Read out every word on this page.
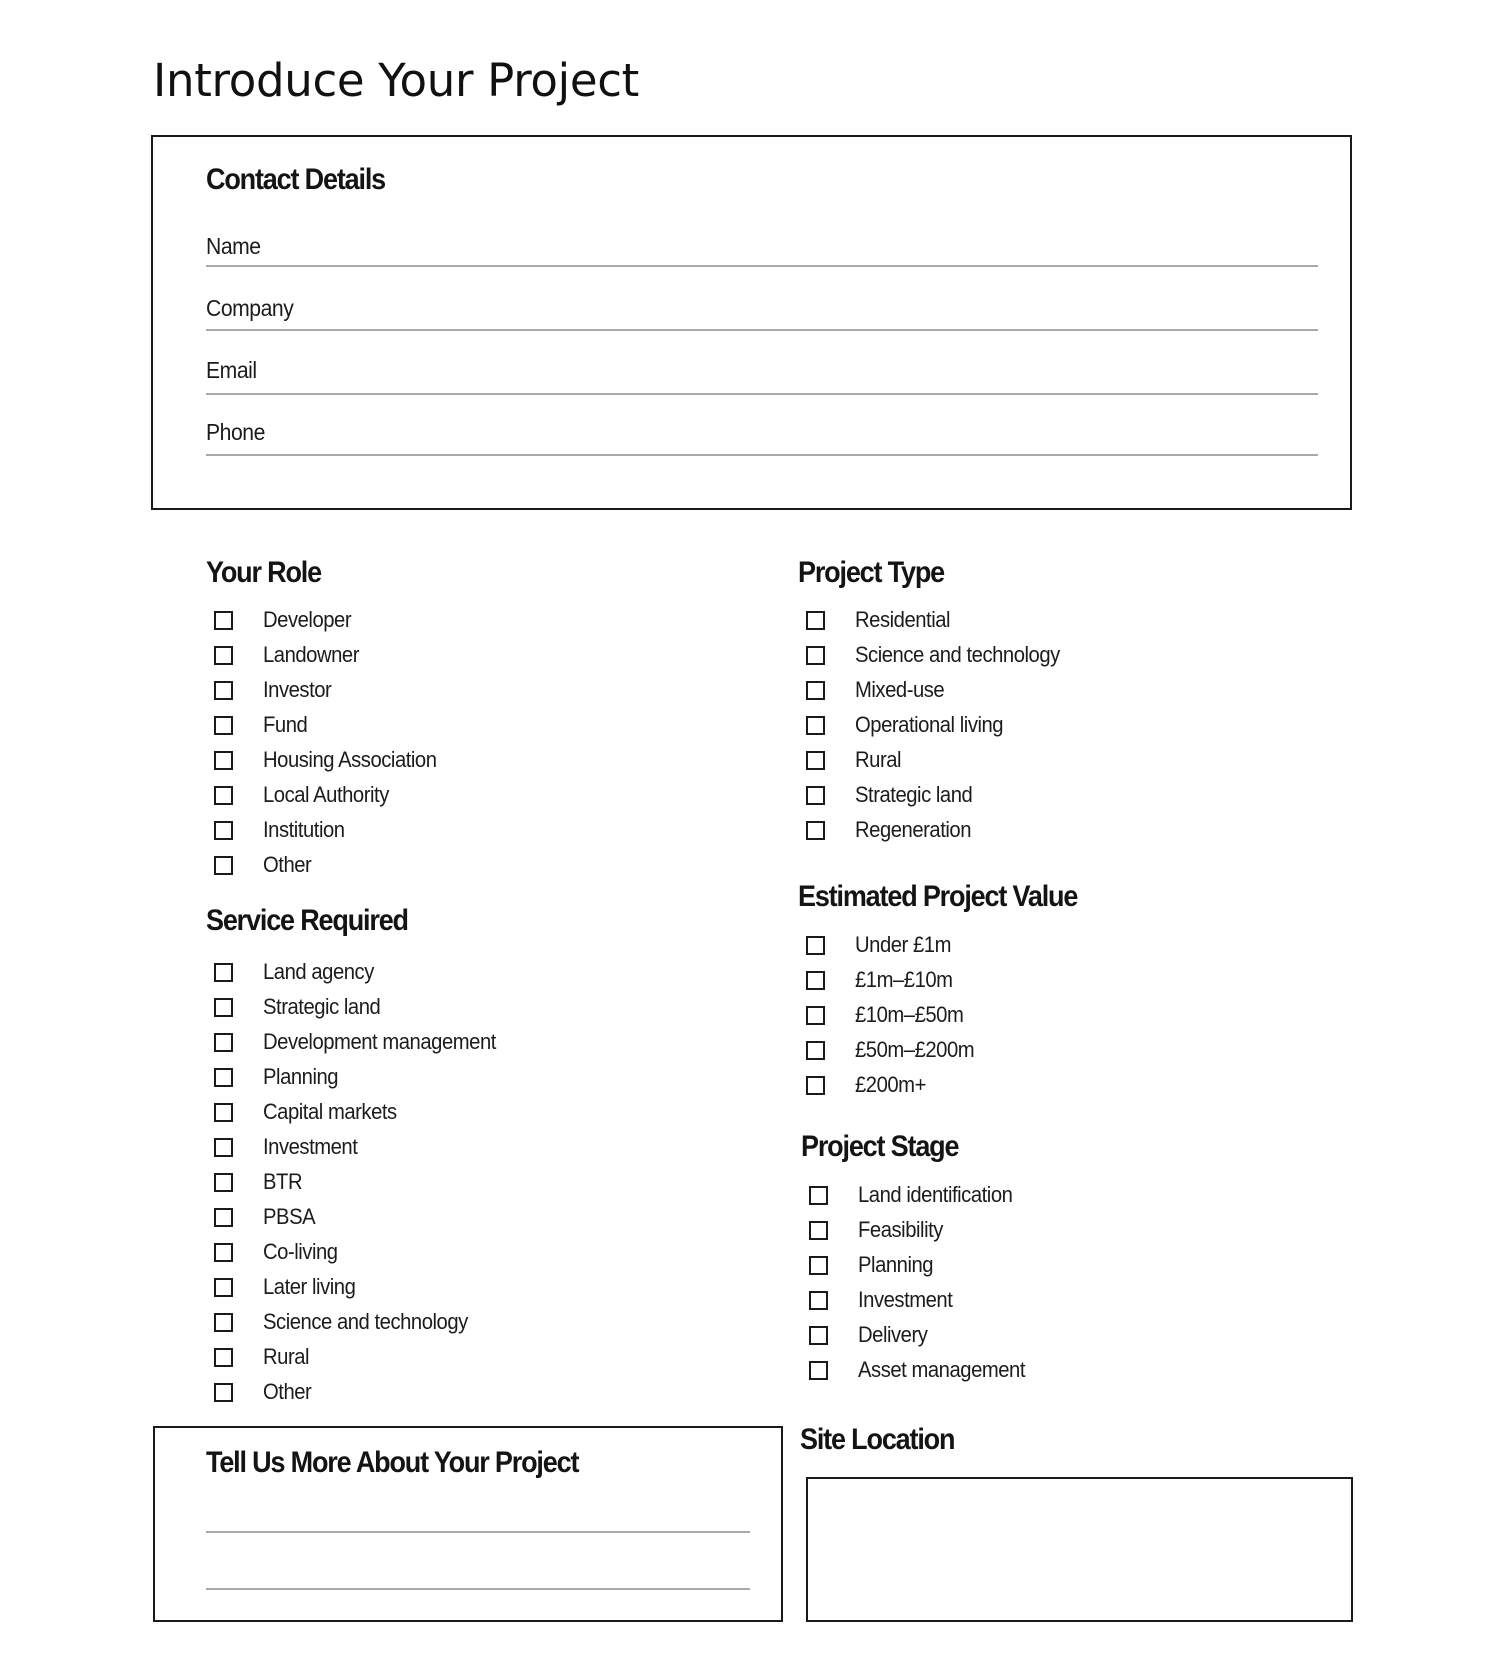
Introduce Your Project
Contact Details
Name
Company
Email
Phone
Your Role
Developer
Landowner
Investor
Fund
Housing Association
Local Authority
Institution
Other
Service Required
Land agency
Strategic land
Development management
Planning
Capital markets
Investment
BTR
PBSA
Co-living
Later living
Science and technology
Rural
Other
Project Type
Residential
Science and technology
Mixed-use
Operational living
Rural
Strategic land
Regeneration
Estimated Project Value
Under £1m
£1m–£10m
£10m–£50m
£50m–£200m
£200m+
Project Stage
Land identification
Feasibility
Planning
Investment
Delivery
Asset management
Tell Us More About Your Project
Site Location
